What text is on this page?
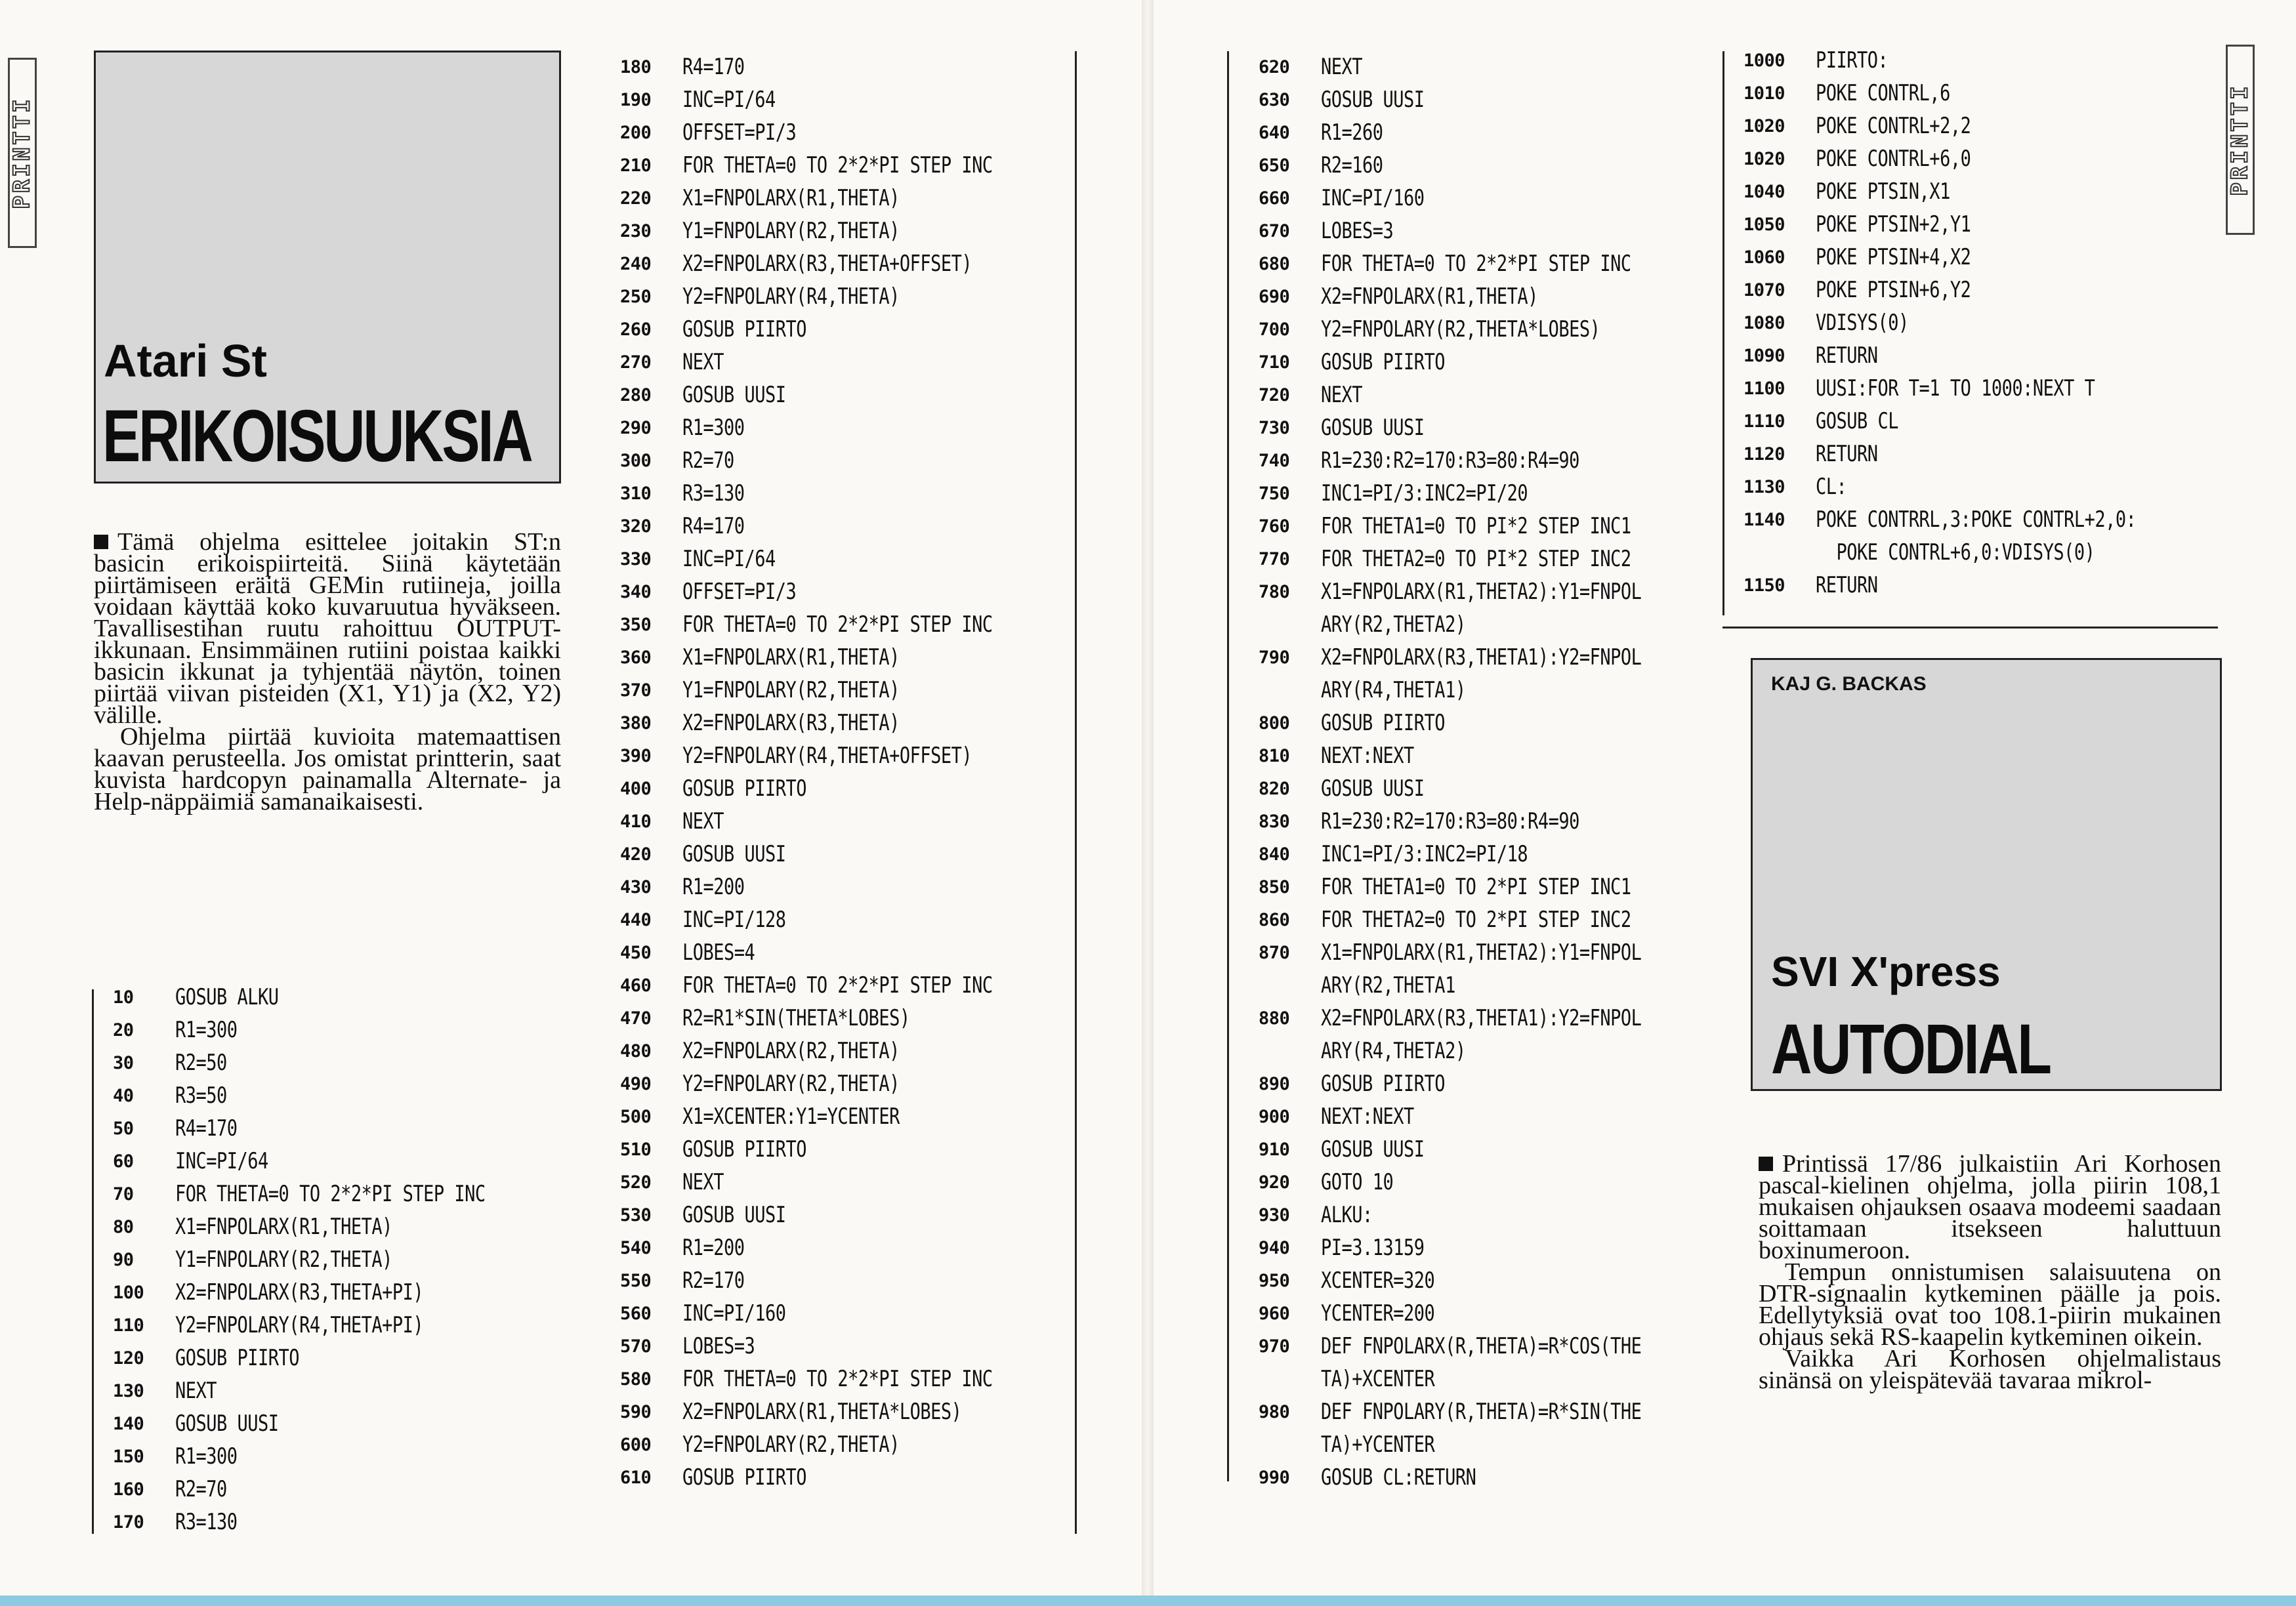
PRINTTI
Atari St
ERIKOISUUKSIA

Tämä ohjelma esittelee joitakin ST:n basicin erikoispiirteitä. Siinä käytetään piirtämiseen eräitä GEMin rutiineja, joilla voidaan käyttää koko kuvaruutua hyväkseen. Tavallisestihan ruutu rahoittuu OUTPUT-ikkunaan. Ensimmäinen rutiini poistaa kaikki basicin ikkunat ja tyhjentää näytön, toinen piirtää viivan pisteiden (X1, Y1) ja (X2, Y2) välille.

Ohjelma piirtää kuvioita matemaattisen kaavan perusteella. Jos omistat printterin, saat kuvista hardcopyn painamalla Alternate- ja Help-näppäimiä samanaikaisesti.

10	GOSUB ALKU
20	R1=300
30	R2=50
40	R3=50
50	R4=170
60	INC=PI/64
70	FOR THETA=0 TO 2*2*PI STEP INC
80	X1=FNPOLARX(R1,THETA)
90	Y1=FNPOLARY(R2,THETA)
100	X2=FNPOLARX(R3,THETA+PI)
110	Y2=FNPOLARY(R4,THETA+PI)
120	GOSUB PIIRTO
130	NEXT
140	GOSUB UUSI
150	R1=300
160	R2=70
170	R3=130
180	R4=170
190	INC=PI/64
200	OFFSET=PI/3
210	FOR THETA=0 TO 2*2*PI STEP INC
220	X1=FNPOLARX(R1,THETA)
230	Y1=FNPOLARY(R2,THETA)
240	X2=FNPOLARX(R3,THETA+OFFSET)
250	Y2=FNPOLARY(R4,THETA)
260	GOSUB PIIRTO
270	NEXT
280	GOSUB UUSI
290	R1=300
300	R2=70
310	R3=130
320	R4=170
330	INC=PI/64
340	OFFSET=PI/3
350	FOR THETA=0 TO 2*2*PI STEP INC
360	X1=FNPOLARX(R1,THETA)
370	Y1=FNPOLARY(R2,THETA)
380	X2=FNPOLARX(R3,THETA)
390	Y2=FNPOLARY(R4,THETA+OFFSET)
400	GOSUB PIIRTO
410	NEXT
420	GOSUB UUSI
430	R1=200
440	INC=PI/128
450	LOBES=4
460	FOR THETA=0 TO 2*2*PI STEP INC
470	R2=R1*SIN(THETA*LOBES)
480	X2=FNPOLARX(R2,THETA)
490	Y2=FNPOLARY(R2,THETA)
500	X1=XCENTER:Y1=YCENTER
510	GOSUB PIIRTO
520	NEXT
530	GOSUB UUSI
540	R1=200
550	R2=170
560	INC=PI/160
570	LOBES=3
580	FOR THETA=0 TO 2*2*PI STEP INC
590	X2=FNPOLARX(R1,THETA*LOBES)
600	Y2=FNPOLARY(R2,THETA)
610	GOSUB PIIRTO
620	NEXT
630	GOSUB UUSI
640	R1=260
650	R2=160
660	INC=PI/160
670	LOBES=3
680	FOR THETA=0 TO 2*2*PI STEP INC
690	X2=FNPOLARX(R1,THETA)
700	Y2=FNPOLARY(R2,THETA*LOBES)
710	GOSUB PIIRTO
720	NEXT
730	GOSUB UUSI
740	R1=230:R2=170:R3=80:R4=90
750	INC1=PI/3:INC2=PI/20
760	FOR THETA1=0 TO PI*2 STEP INC1
770	FOR THETA2=0 TO PI*2 STEP INC2
780	X1=FNPOLARX(R1,THETA2):Y1=FNPOL
ARY(R2,THETA2)
790	X2=FNPOLARX(R3,THETA1):Y2=FNPOL
ARY(R4,THETA1)
800	GOSUB PIIRTO
810	NEXT:NEXT
820	GOSUB UUSI
830	R1=230:R2=170:R3=80:R4=90
840	INC1=PI/3:INC2=PI/18
850	FOR THETA1=0 TO 2*PI STEP INC1
860	FOR THETA2=0 TO 2*PI STEP INC2
870	X1=FNPOLARX(R1,THETA2):Y1=FNPOL
ARY(R2,THETA1
880	X2=FNPOLARX(R3,THETA1):Y2=FNPOL
ARY(R4,THETA2)
890	GOSUB PIIRTO
900	NEXT:NEXT
910	GOSUB UUSI
920	GOTO 10
930	ALKU:
940	PI=3.13159
950	XCENTER=320
960	YCENTER=200
970	DEF FNPOLARX(R,THETA)=R*COS(THE
TA)+XCENTER
980	DEF FNPOLARY(R,THETA)=R*SIN(THE
TA)+YCENTER
990	GOSUB CL:RETURN
1000	PIIRTO:
1010	POKE CONTRL,6
1020	POKE CONTRL+2,2
1020	POKE CONTRL+6,0
1040	POKE PTSIN,X1
1050	POKE PTSIN+2,Y1
1060	POKE PTSIN+4,X2
1070	POKE PTSIN+6,Y2
1080	VDISYS(0)
1090	RETURN
1100	UUSI:FOR T=1 TO 1000:NEXT T
1110	GOSUB CL
1120	RETURN
1130	CL:
1140	POKE CONTRRL,3:POKE CONTRL+2,0:
POKE CONTRL+6,0:VDISYS(0)
1150	RETURN
PRINTTI
KAJ G. BACKAS
SVI X'press
AUTODIAL

Printissä 17/86 julkaistiin Ari Korhosen pascal-kielinen ohjelma, jolla piirin 108,1 mukaisen ohjauksen osaava modeemi saadaan soittamaan itsekseen haluttuun boxinumeroon.

Tempun onnistumisen salaisuutena on DTR-signaalin kytkeminen päälle ja pois. Edellytyksiä ovat too 108.1-piirin mukainen ohjaus sekä RS-kaapelin kytkeminen oikein.

Vaikka Ari Korhosen ohjelmalistaus sinänsä on yleispätevää tavaraa mikrol-
